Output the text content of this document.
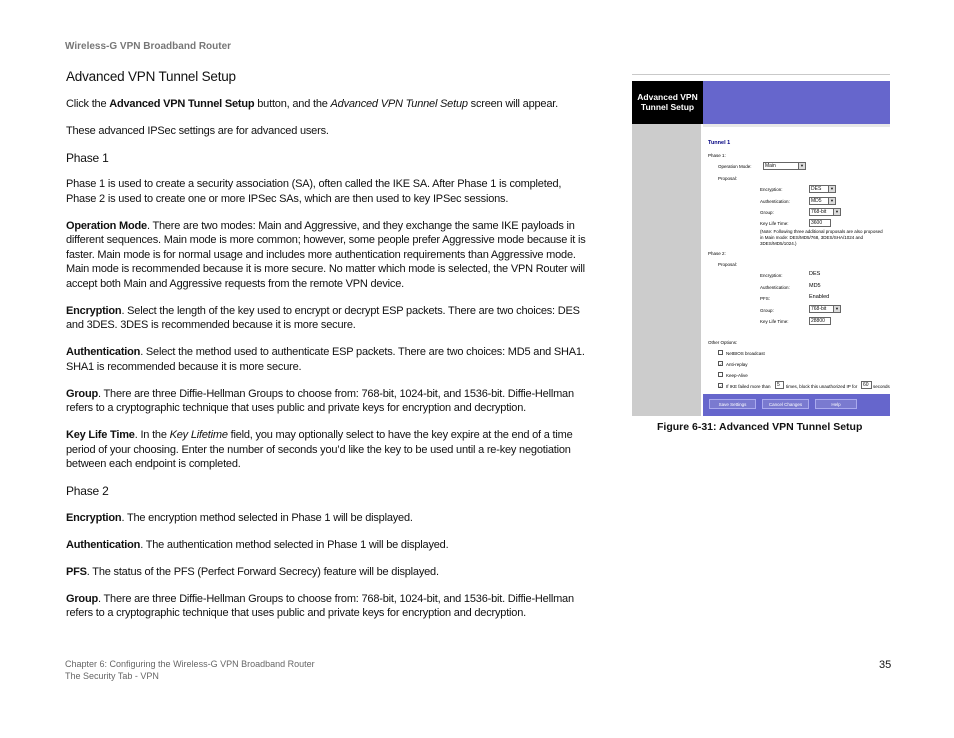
Wireless-G VPN Broadband Router
Advanced VPN Tunnel Setup

Click the Advanced VPN Tunnel Setup button, and the Advanced VPN Tunnel Setup screen will appear.

These advanced IPSec settings are for advanced users.

Phase 1

Phase 1 is used to create a security association (SA), often called the IKE SA. After Phase 1 is completed, Phase 2 is used to create one or more IPSec SAs, which are then used to key IPSec sessions.

Operation Mode. There are two modes: Main and Aggressive, and they exchange the same IKE payloads in different sequences. Main mode is more common; however, some people prefer Aggressive mode because it is faster. Main mode is for normal usage and includes more authentication requirements than Aggressive mode. Main mode is recommended because it is more secure. No matter which mode is selected, the VPN Router will accept both Main and Aggressive requests from the remote VPN device.

Encryption. Select the length of the key used to encrypt or decrypt ESP packets. There are two choices: DES and 3DES. 3DES is recommended because it is more secure.

Authentication. Select the method used to authenticate ESP packets. There are two choices: MD5 and SHA1. SHA1 is recommended because it is more secure.

Group. There are three Diffie-Hellman Groups to choose from: 768-bit, 1024-bit, and 1536-bit. Diffie-Hellman refers to a cryptographic technique that uses public and private keys for encryption and decryption.

Key Life Time. In the Key Lifetime field, you may optionally select to have the key expire at the end of a time period of your choosing. Enter the number of seconds you’d like the key to be used until a re-key negotiation between each endpoint is completed.

Phase 2

Encryption. The encryption method selected in Phase 1 will be displayed.

Authentication. The authentication method selected in Phase 1 will be displayed.

PFS. The status of the PFS (Perfect Forward Secrecy) feature will be displayed.

Group. There are three Diffie-Hellman Groups to choose from: 768-bit, 1024-bit, and 1536-bit. Diffie-Hellman refers to a cryptographic technique that uses public and private keys for encryption and decryption.

Advanced VPN Tunnel Setup
Tunnel 1
Phase 1:
Operation Mode:	Main	▼
Proposal:
Encryption:	DES	▼
Authentication:	MD5	▼
Group:	768-bit	▼
Key Life Time:	3600
(Note: Following three additional proposals are also proposed
in Main mode: DES/MD5/768, 3DES/SHA/1024 and
3DES/MD5/1024.)
Phase 2:
Proposal:
Encryption:	DES
Authentication:	MD5
PFS:	Enabled
Group:	768-bit	▼
Key Life Time:	28800
Other Options:
NetBIOS broadcast
✓ Anti-replay
Keep-Alive
✓ If IKE failed more than	5	times, block this unauthorized IP for	60 seconds
Save Settings	Cancel Changes	Help
Figure 6-31: Advanced VPN Tunnel Setup
Chapter 6: Configuring the Wireless-G VPN Broadband Router
The Security Tab - VPN
35
